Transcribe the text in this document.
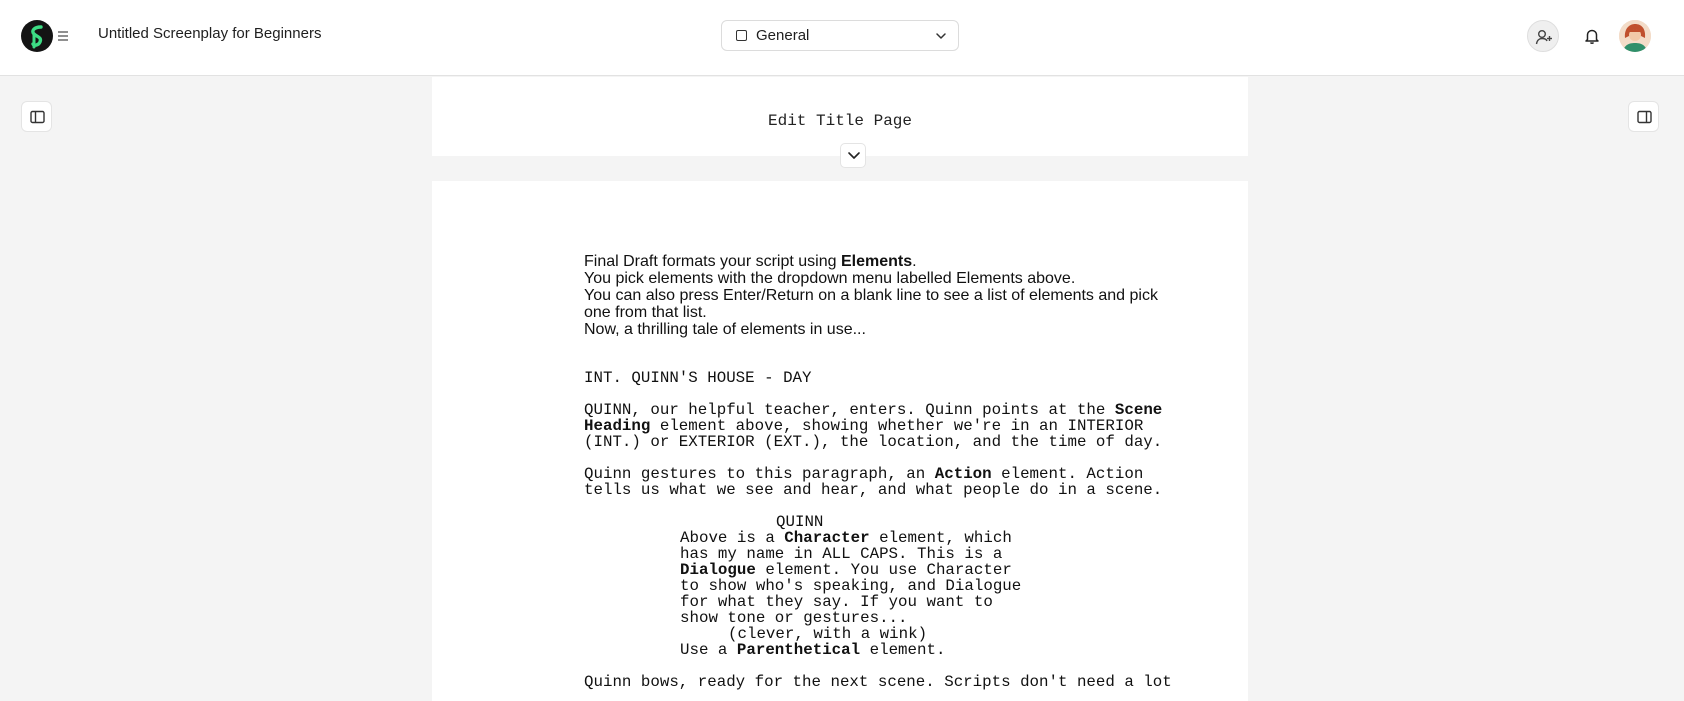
Untitled Screenplay for Beginners	General
Edit Title Page
Final Draft formats your script using Elements.
You pick elements with the dropdown menu labelled Elements above.
You can also press Enter/Return on a blank line to see a list of elements and pick
one from that list.
Now, a thrilling tale of elements in use...
INT. QUINN'S HOUSE - DAY
QUINN, our helpful teacher, enters. Quinn points at the Scene
Heading element above, showing whether we're in an INTERIOR
(INT.) or EXTERIOR (EXT.), the location, and the time of day.
Quinn gestures to this paragraph, an Action element. Action
tells us what we see and hear, and what people do in a scene.
QUINN
Above is a Character element, which
has my name in ALL CAPS. This is a
Dialogue element. You use Character
to show who's speaking, and Dialogue
for what they say. If you want to
show tone or gestures...
(clever, with a wink)
Use a Parenthetical element.
Quinn bows, ready for the next scene. Scripts don't need a lot
